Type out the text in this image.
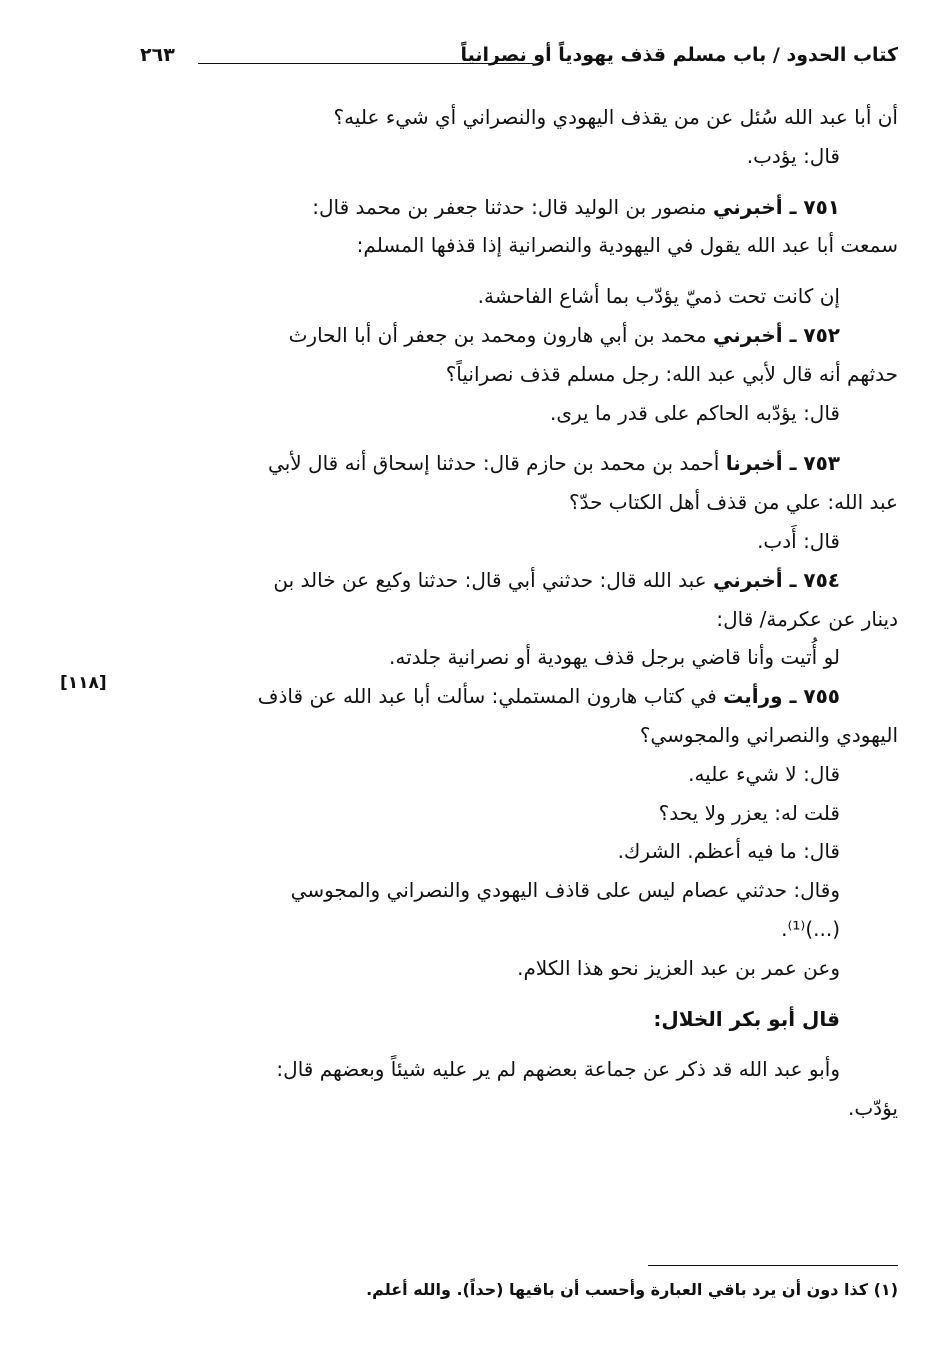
كتاب الحدود / باب مسلم قذف يهودياً أو نصرانياً
٢٦٣
[١١٨]

أن أبا عبد الله سُئل عن من يقذف اليهودي والنصراني أي شيء عليه؟

قال: يؤدب.

٧٥١ ـ أخبرني منصور بن الوليد قال: حدثنا جعفر بن محمد قال:

سمعت أبا عبد الله يقول في اليهودية والنصرانية إذا قذفها المسلم:

إن كانت تحت ذميّ يؤدّب بما أشاع الفاحشة.

٧٥٢ ـ أخبرني محمد بن أبي هارون ومحمد بن جعفر أن أبا الحارث

حدثهم أنه قال لأبي عبد الله: رجل مسلم قذف نصرانياً؟

قال: يؤدّبه الحاكم على قدر ما يرى.

٧٥٣ ـ أخبرنا أحمد بن محمد بن حازم قال: حدثنا إسحاق أنه قال لأبي

عبد الله: علي من قذف أهل الكتاب حدّ؟

قال: أَدب.

٧٥٤ ـ أخبرني عبد الله قال: حدثني أبي قال: حدثنا وكيع عن خالد بن

دينار عن عكرمة/ قال:

لو أُتيت وأنا قاضي برجل قذف يهودية أو نصرانية جلدته.

٧٥٥ ـ ورأيت في كتاب هارون المستملي: سألت أبا عبد الله عن قاذف

اليهودي والنصراني والمجوسي؟

قال: لا شيء عليه.

قلت له: يعزر ولا يحد؟

قال: ما فيه أعظم. الشرك.

وقال: حدثني عصام ليس على قاذف اليهودي والنصراني والمجوسي

(...)⁽¹⁾.

وعن عمر بن عبد العزيز نحو هذا الكلام.

قال أبو بكر الخلال:

وأبو عبد الله قد ذكر عن جماعة بعضهم لم ير عليه شيئاً وبعضهم قال:

يؤدّب.

(١) كذا دون أن يرد باقي العبارة وأحسب أن باقيها (حداً). والله أعلم.
